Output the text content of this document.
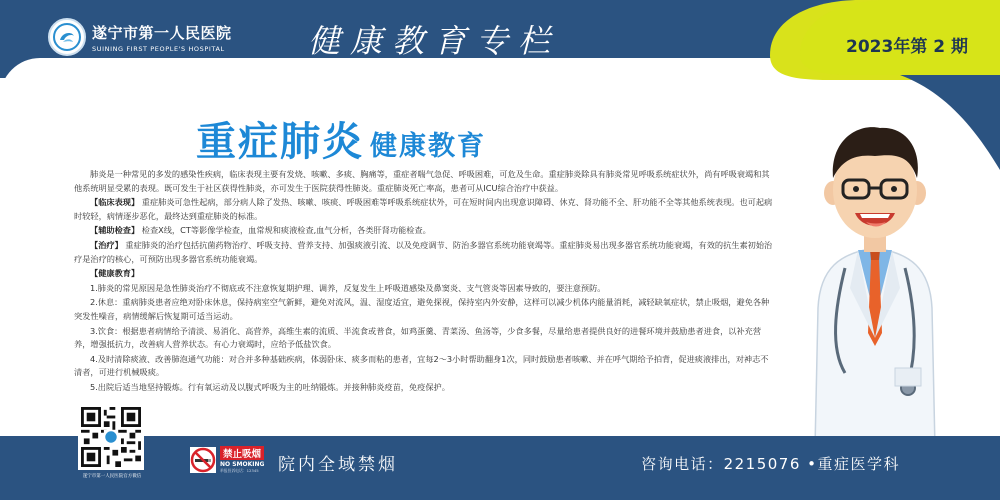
遂宁市第一人民医院
SUINING FIRST PEOPLE'S HOSPITAL	健康教育专栏	2023年第 2 期
重症肺炎 健康教育

肺炎是一种常见的多发的感染性疾病，临床表现主要有发烧、咳嗽、多痰、胸痛等，重症者喘气急促、呼吸困难，可危及生命。重症肺炎除具有肺炎常见呼吸系统症状外，尚有呼吸衰竭和其他系统明显受累的表现。既可发生于社区获得性肺炎，亦可发生于医院获得性肺炎。重症肺炎死亡率高，患者可从ICU综合治疗中获益。

【临床表现】 重症肺炎可急性起病，部分病人除了发热、咳嗽、咳痰、呼吸困难等呼吸系统症状外，可在短时间内出现意识障碍、休克、肾功能不全、肝功能不全等其他系统表现。也可起病时较轻，病情逐步恶化，最终达到重症肺炎的标准。

【辅助检查】 检查X线，CT等影像学检查，血常规和痰液检查,血气分析，各类肝肾功能检查。

【治疗】 重症肺炎的治疗包括抗菌药物治疗、呼吸支持、营养支持、加强痰液引流、以及免疫调节、防治多器官系统功能衰竭等。重症肺炎易出现多器官系统功能衰竭，有效的抗生素初始治疗是治疗的核心，可预防出现多器官系统功能衰竭。

【健康教育】

1.肺炎的常见原因是急性肺炎治疗不彻底或不注意恢复期护理、调养，反复发生上呼吸道感染及鼻窦炎、支气管炎等因素导致的，要注意预防。

2.休息：重病肺炎患者应绝对卧床休息，保持病室空气新鲜，避免对流风，温、湿度适宜，避免探视，保持室内外安静，这样可以减少机体内能量消耗，减轻缺氧症状，禁止吸烟，避免各种突发性噪音，病情缓解后恢复期可适当运动。

3.饮食：根据患者病情给予清淡、易消化、高营养，高维生素的流质、半流食或普食，如鸡蛋羹、青菜汤、鱼汤等，少食多餐，尽量给患者提供良好的进餐环境并鼓励患者进食，以补充营养，增强抵抗力，改善病人营养状态。有心力衰竭时，应给予低盐饮食。

4.及时清除痰液、改善肺泡通气功能：对合并多种基础疾病，体弱卧床、痰多而粘的患者，宜每2～3小时帮助翻身1次，同时鼓励患者咳嗽、并在呼气期给予拍背，促进痰液排出，对神志不清者，可进行机械吸痰。

5.出院后适当地坚持锻炼。行有氧运动及以腹式呼吸为主的吐纳锻炼。并接种肺炎疫苗，免疫保护。

遂宁市第一人民医院官方微信
禁止吸烟
NO SMOKING
举报投诉电话：12345	院内全域禁烟	咨询电话：2215076 •重症医学科
